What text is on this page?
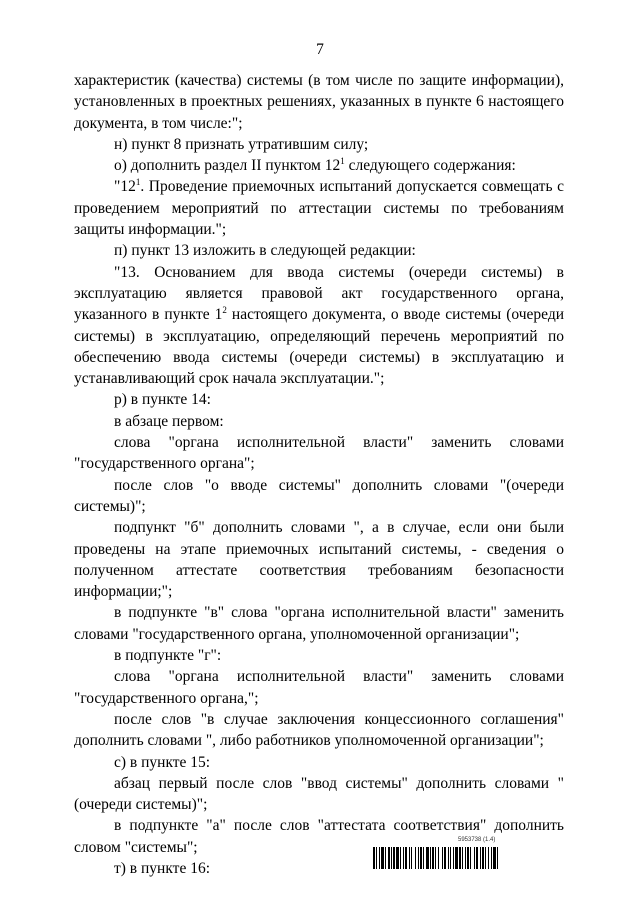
7

характеристик (качества) системы (в том числе по защите информации), установленных в проектных решениях, указанных в пункте 6 настоящего документа, в том числе:";

н) пункт 8 признать утратившим силу;

о) дополнить раздел II пунктом $12^1$ следующего содержания:

"$12^1$. Проведение приемочных испытаний допускается совмещать с проведением мероприятий по аттестации системы по требованиям защиты информации.";

п) пункт 13 изложить в следующей редакции:

"13. Основанием для ввода системы (очереди системы) в эксплуатацию является правовой акт государственного органа, указанного в пункте $1^2$ настоящего документа, о вводе системы (очереди системы) в эксплуатацию, определяющий перечень мероприятий по обеспечению ввода системы (очереди системы) в эксплуатацию и устанавливающий срок начала эксплуатации.";

р) в пункте 14:

в абзаце первом:

слова "органа исполнительной власти" заменить словами "государственного органа";

после слов "о вводе системы" дополнить словами "(очереди системы)";

подпункт "б" дополнить словами ", а в случае, если они были проведены на этапе приемочных испытаний системы, - сведения о полученном аттестате соответствия требованиям безопасности информации;";

в подпункте "в" слова "органа исполнительной власти" заменить словами "государственного органа, уполномоченной организации";

в подпункте "г":

слова "органа исполнительной власти" заменить словами "государственного органа,";

после слов "в случае заключения концессионного соглашения" дополнить словами ", либо работников уполномоченной организации";

с) в пункте 15:

абзац первый после слов "ввод системы" дополнить словами "(очереди системы)";

в подпункте "а" после слов "аттестата соответствия" дополнить словом "системы";

т) в пункте 16:

5953738 (1.4)
